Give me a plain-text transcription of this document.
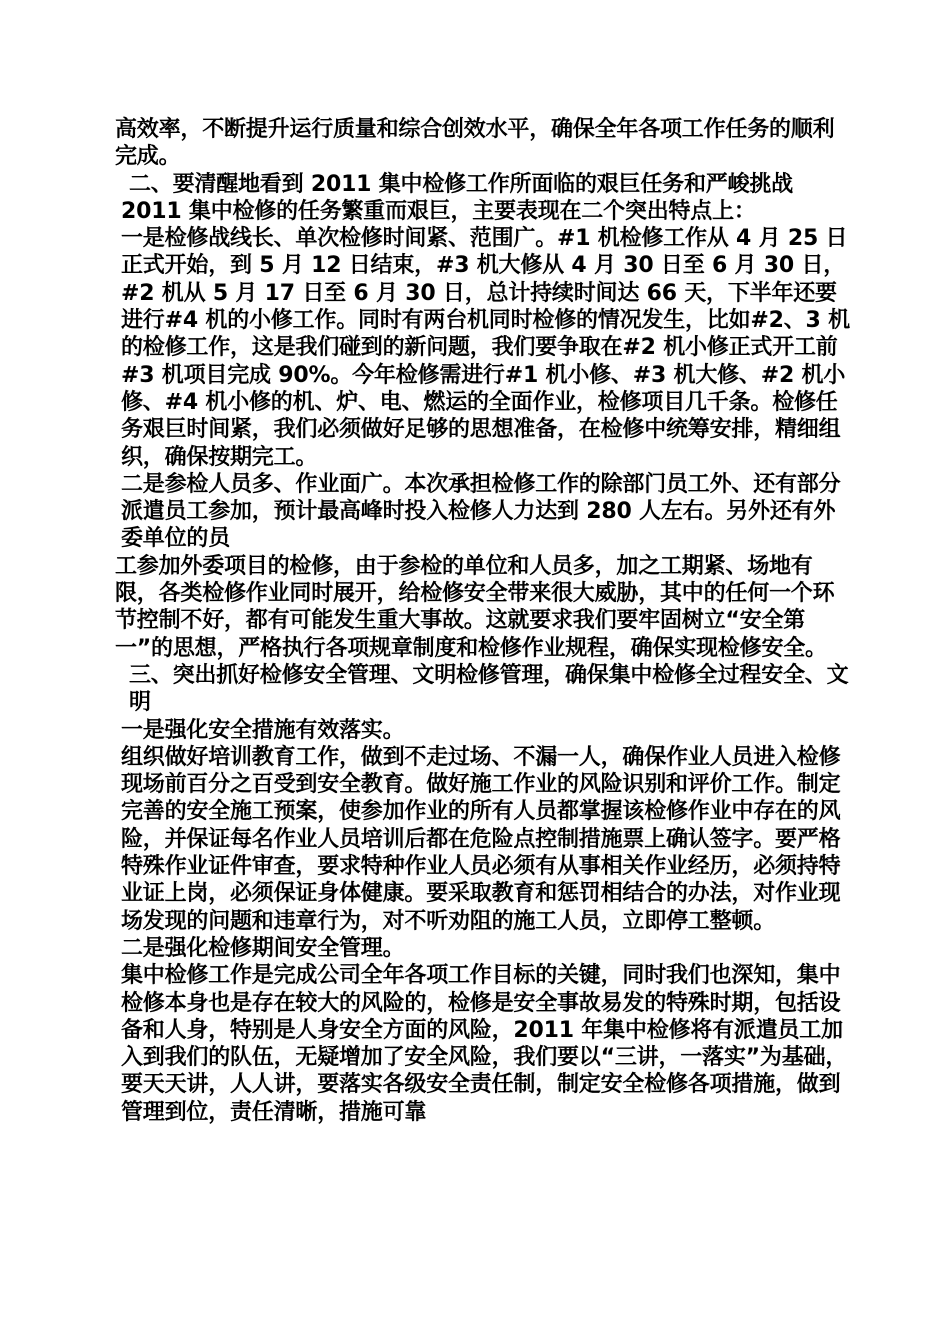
高效率，不断提升运行质量和综合创效水平，确保全年各项工作任务的顺利完成。

二、要清醒地看到 2011 集中检修工作所面临的艰巨任务和严峻挑战

2011 集中检修的任务繁重而艰巨，主要表现在二个突出特点上：

一是检修战线长、单次检修时间紧、范围广。#1 机检修工作从 4 月 25 日正式开始，到 5 月 12 日结束，#3 机大修从 4 月 30 日至 6 月 30 日，#2 机从 5 月 17 日至 6 月 30 日，总计持续时间达 66 天，下半年还要进行#4 机的小修工作。同时有两台机同时检修的情况发生，比如#2、3 机的检修工作，这是我们碰到的新问题，我们要争取在#2 机小修正式开工前#3 机项目完成 90%。今年检修需进行#1 机小修、#3 机大修、#2 机小修、#4 机小修的机、炉、电、燃运的全面作业，检修项目几千条。检修任务艰巨时间紧，我们必须做好足够的思想准备，在检修中统筹安排，精细组织，确保按期完工。

二是参检人员多、作业面广。本次承担检修工作的除部门员工外、还有部分派遣员工参加，预计最高峰时投入检修人力达到 280 人左右。另外还有外委单位的员

工参加外委项目的检修，由于参检的单位和人员多，加之工期紧、场地有限，各类检修作业同时展开，给检修安全带来很大威胁，其中的任何一个环节控制不好，都有可能发生重大事故。这就要求我们要牢固树立“安全第一”的思想，严格执行各项规章制度和检修作业规程，确保实现检修安全。

三、突出抓好检修安全管理、文明检修管理，确保集中检修全过程安全、文明

一是强化安全措施有效落实。

组织做好培训教育工作，做到不走过场、不漏一人，确保作业人员进入检修现场前百分之百受到安全教育。做好施工作业的风险识别和评价工作。制定完善的安全施工预案，使参加作业的所有人员都掌握该检修作业中存在的风险，并保证每名作业人员培训后都在危险点控制措施票上确认签字。要严格特殊作业证件审查，要求特种作业人员必须有从事相关作业经历，必须持特业证上岗，必须保证身体健康。要采取教育和惩罚相结合的办法，对作业现场发现的问题和违章行为，对不听劝阻的施工人员，立即停工整顿。

二是强化检修期间安全管理。

集中检修工作是完成公司全年各项工作目标的关键，同时我们也深知，集中检修本身也是存在较大的风险的，检修是安全事故易发的特殊时期，包括设备和人身，特别是人身安全方面的风险，2011 年集中检修将有派遣员工加入到我们的队伍，无疑增加了安全风险，我们要以“三讲，一落实”为基础，要天天讲，人人讲，要落实各级安全责任制，制定安全检修各项措施，做到管理到位，责任清晰，措施可靠
